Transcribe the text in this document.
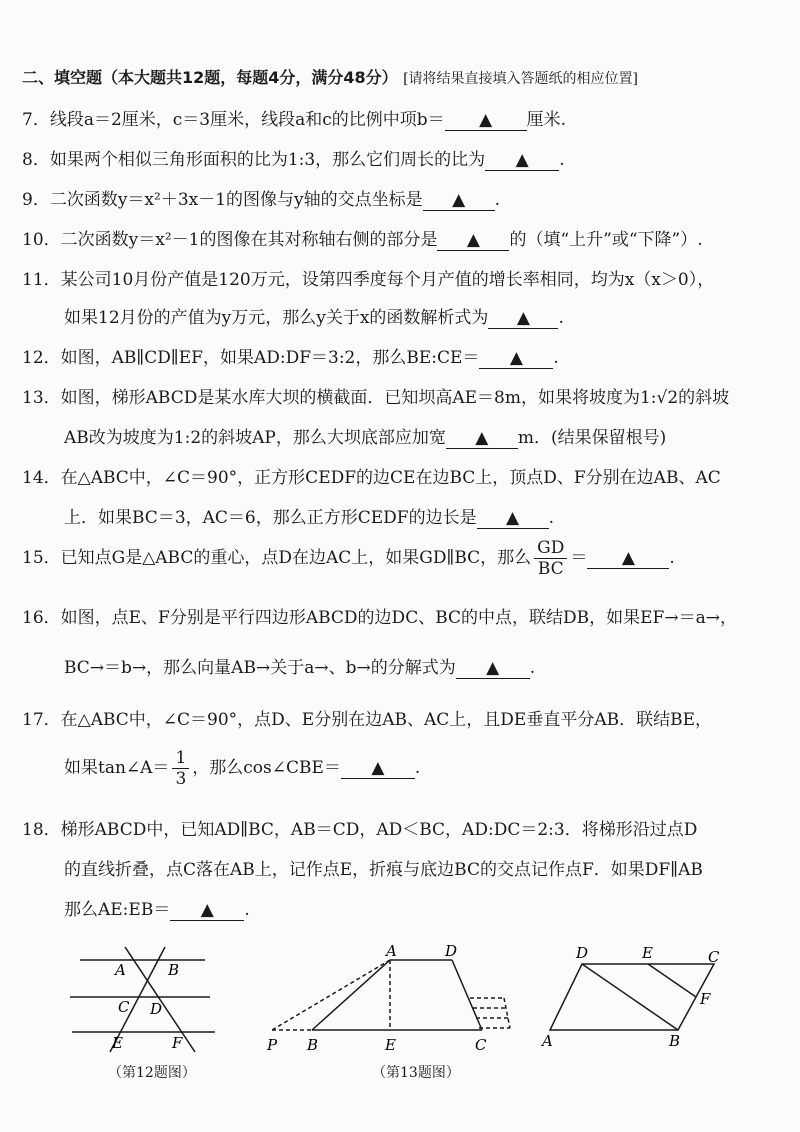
二、填空题（本大题共12题，每题4分，满分48分） [请将结果直接填入答题纸的相应位置]
7．线段a＝2厘米，c＝3厘米，线段a和c的比例中项b＝ ▲ 厘米.
8．如果两个相似三角形面积的比为1:3，那么它们周长的比为 ▲ .
9．二次函数y＝x²＋3x－1的图像与y轴的交点坐标是 ▲ .
10．二次函数y＝x²－1的图像在其对称轴右侧的部分是 ▲ 的（填“上升”或“下降”）.
11．某公司10月份产值是120万元，设第四季度每个月产值的增长率相同，均为x（x＞0），
如果12月份的产值为y万元，那么y关于x的函数解析式为 ▲ .
12．如图，AB∥CD∥EF，如果AD:DF＝3:2，那么BE:CE＝ ▲ .
13．如图，梯形ABCD是某水库大坝的横截面．已知坝高AE＝8m，如果将坡度为1:√2的斜坡
AB改为坡度为1:2的斜坡AP，那么大坝底部应加宽 ▲ m．(结果保留根号)
14．在△ABC中，∠C＝90°，正方形CEDF的边CE在边BC上，顶点D、F分别在边AB、AC
上．如果BC＝3，AC＝6，那么正方形CEDF的边长是 ▲ .
15．已知点G是△ABC的重心，点D在边AC上，如果GD∥BC，那么 $\frac{GD}{BC}$ ＝ ▲ .
16．如图，点E、F分别是平行四边形ABCD的边DC、BC的中点，联结DB，如果EF→＝a→，
BC→＝b→，那么向量AB→关于a→、b→的分解式为 ▲ .
17．在△ABC中，∠C＝90°，点D、E分别在边AB、AC上，且DE垂直平分AB．联结BE，
如果tan∠A＝ $\frac{1}{3}$ ，那么cos∠CBE＝ ▲ .
18．梯形ABCD中，已知AD∥BC，AB＝CD，AD＜BC，AD:DC＝2:3．将梯形沿过点D
的直线折叠，点C落在AB上，记作点E，折痕与底边BC的交点记作点F．如果DF∥AB
那么AE:EB＝ ▲ .
A	B
C D
E	F
（第12题图）
A	D
P B	E	C
（第13题图）
D	E	C
F
A	B
